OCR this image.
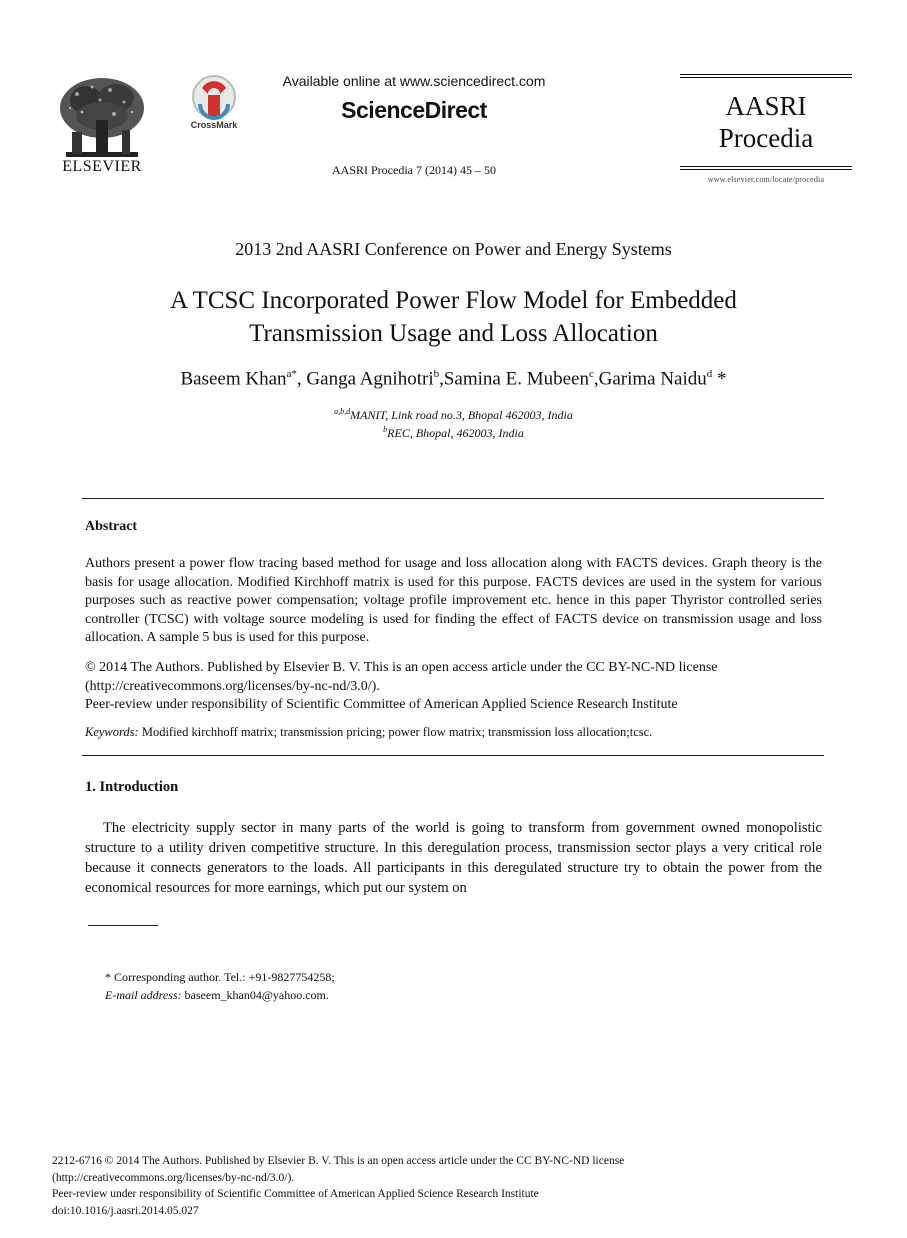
ELSEVIER
CrossMark
Available online at www.sciencedirect.com
ScienceDirect
AASRI Procedia 7 (2014) 45 – 50
AASRI
Procedia
www.elsevier.com/locate/procedia
2013 2nd AASRI Conference on Power and Energy Systems
A TCSC Incorporated Power Flow Model for Embedded
Transmission Usage and Loss Allocation
Baseem Khan$^{a*}$, Ganga Agnihotri$^b$,Samina E. Mubeen$^c$,Garima Naidu$^d$ *
$^{a,b,d}$MANIT, Link road no.3, Bhopal 462003, India
$^b$REC, Bhopal, 462003, India
Abstract
Authors present a power flow tracing based method for usage and loss allocation along with FACTS devices. Graph theory is the basis for usage allocation. Modified Kirchhoff matrix is used for this purpose. FACTS devices are used in the system for various purposes such as reactive power compensation; voltage profile improvement etc. hence in this paper Thyristor controlled series controller (TCSC) with voltage source modeling is used for finding the effect of FACTS device on transmission usage and loss allocation. A sample 5 bus is used for this purpose.
© 2014 The Authors. Published by Elsevier B. V. This is an open access article under the CC BY-NC-ND license
(http://creativecommons.org/licenses/by-nc-nd/3.0/).
Peer-review under responsibility of Scientific Committee of American Applied Science Research Institute
Keywords: Modified kirchhoff matrix; transmission pricing; power flow matrix; transmission loss allocation;tcsc.
1. Introduction
The electricity supply sector in many parts of the world is going to transform from government owned monopolistic structure to a utility driven competitive structure. In this deregulation process, transmission sector plays a very critical role because it connects generators to the loads. All participants in this deregulated structure try to obtain the power from the economical resources for more earnings, which put our system on
* Corresponding author. Tel.: +91-9827754258;
E-mail address: baseem_khan04@yahoo.com.
2212-6716 © 2014 The Authors. Published by Elsevier B. V. This is an open access article under the CC BY-NC-ND license
(http://creativecommons.org/licenses/by-nc-nd/3.0/).
Peer-review under responsibility of Scientific Committee of American Applied Science Research Institute
doi:10.1016/j.aasri.2014.05.027
